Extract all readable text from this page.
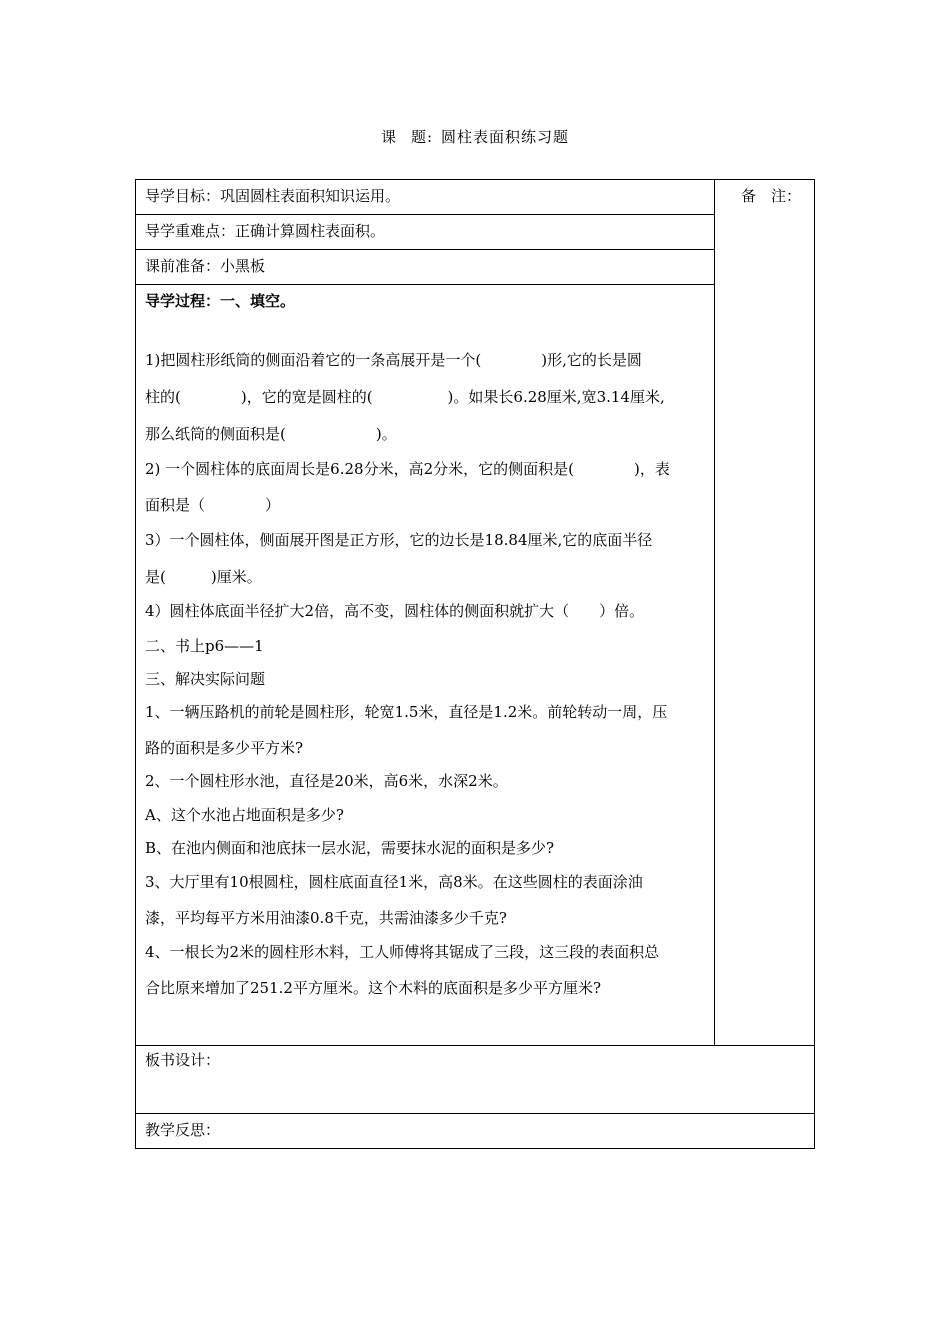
课 题: 圆柱表面积练习题
导学目标：巩固圆柱表面积知识运用。
导学重难点：正确计算圆柱表面积。
课前准备：小黑板
导学过程：一、填空。
备　注：
板书设计：
教学反思：
1)把圆柱形纸筒的侧面沿着它的一条高展开是一个(　　　　)形,它的长是圆
柱的(　　　　)，它的宽是圆柱的(　　　　　)。如果长6.28厘米,宽3.14厘米,
那么纸筒的侧面积是(　　　　　　)。
2) 一个圆柱体的底面周长是6.28分米，高2分米，它的侧面积是(　　　　)，表
面积是（　　　　）
3）一个圆柱体，侧面展开图是正方形，它的边长是18.84厘米,它的底面半径
是(　　　)厘米。
4）圆柱体底面半径扩大2倍，高不变，圆柱体的侧面积就扩大（　　）倍。
二、书上p6——1
三、解决实际问题
1、一辆压路机的前轮是圆柱形，轮宽1.5米，直径是1.2米。前轮转动一周，压
路的面积是多少平方米?
2、一个圆柱形水池，直径是20米，高6米，水深2米。
A、这个水池占地面积是多少?
B、在池内侧面和池底抹一层水泥，需要抹水泥的面积是多少?
3、大厅里有10根圆柱，圆柱底面直径1米，高8米。在这些圆柱的表面涂油
漆，平均每平方米用油漆0.8千克，共需油漆多少千克?
4、一根长为2米的圆柱形木料，工人师傅将其锯成了三段，这三段的表面积总
合比原来增加了251.2平方厘米。这个木料的底面积是多少平方厘米?
